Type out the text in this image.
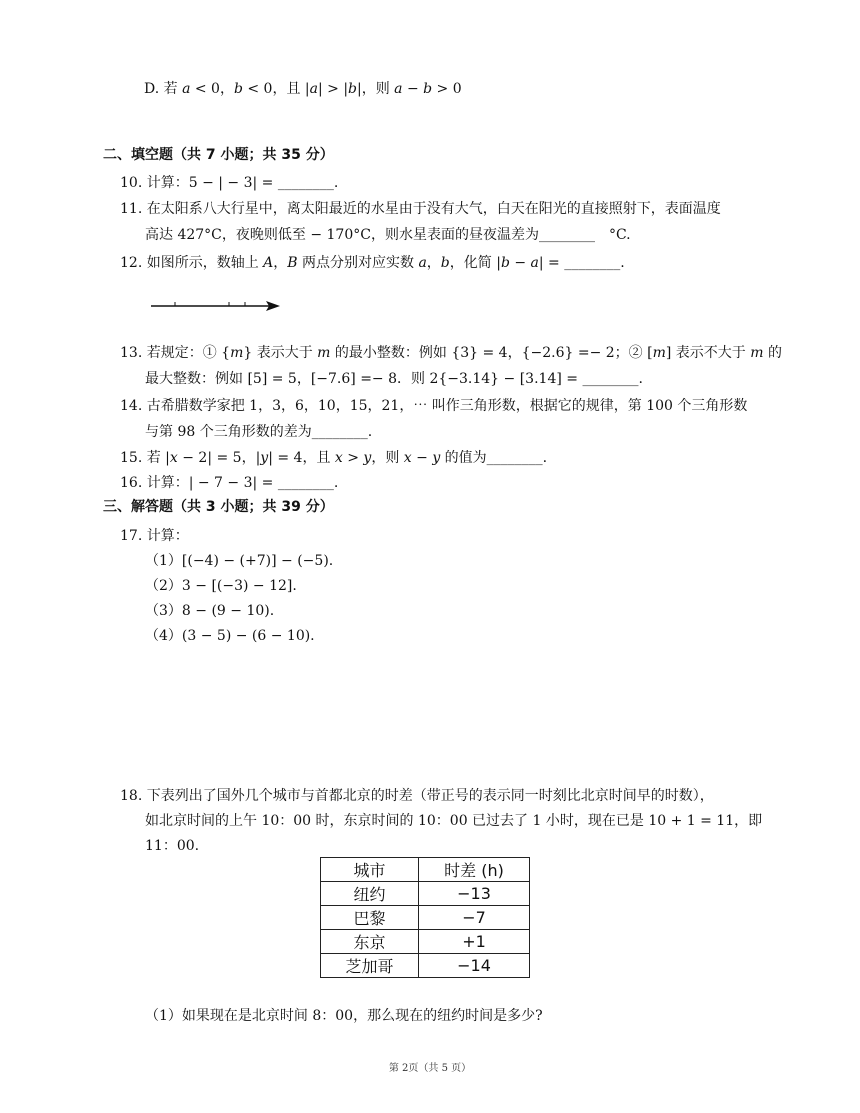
D. 若 𝑎 < 0，𝑏 < 0，且 |𝑎| > |𝑏|，则 𝑎 − 𝑏 > 0
二、填空题（共 7 小题；共 35 分）
10. 计算：5 − | − 3| = ________.
11. 在太阳系八大行星中，离太阳最近的水星由于没有大气，白天在阳光的直接照射下，表面温度
高达 427°C，夜晚则低至 − 170°C，则水星表面的昼夜温差为________　°C.
12. 如图所示，数轴上 𝐴，𝐵 两点分别对应实数 𝑎，𝑏，化简 |𝑏 − 𝑎| = ________.
13. 若规定：① {𝑚} 表示大于 𝑚 的最小整数：例如 {3} = 4，{−2.6} =− 2；② [𝑚] 表示不大于 𝑚 的
最大整数：例如 [5] = 5，[−7.6] =− 8．则 2{−3.14} − [3.14] = ________.
14. 古希腊数学家把 1，3，6，10，15，21，⋯ 叫作三角形数，根据它的规律，第 100 个三角形数
与第 98 个三角形数的差为________.
15. 若 |𝑥 − 2| = 5，|𝑦| = 4，且 𝑥 > 𝑦，则 𝑥 − 𝑦 的值为________.
16. 计算：| − 7 − 3| = ________.
三、解答题（共 3 小题；共 39 分）
17. 计算：
（1）[(−4) − (+7)] − (−5).
（2）3 − [(−3) − 12].
（3）8 − (9 − 10).
（4）(3 − 5) − (6 − 10).
18. 下表列出了国外几个城市与首都北京的时差（带正号的表示同一时刻比北京时间早的时数），
如北京时间的上午 10：00 时，东京时间的 10：00 已过去了 1 小时，现在已是 10 + 1 = 11，即
11：00.
城市	时差 (h)
纽约	−13
巴黎	−7
东京	+1
芝加哥	−14
（1）如果现在是北京时间 8：00，那么现在的纽约时间是多少?
第 2页（共 5 页）
